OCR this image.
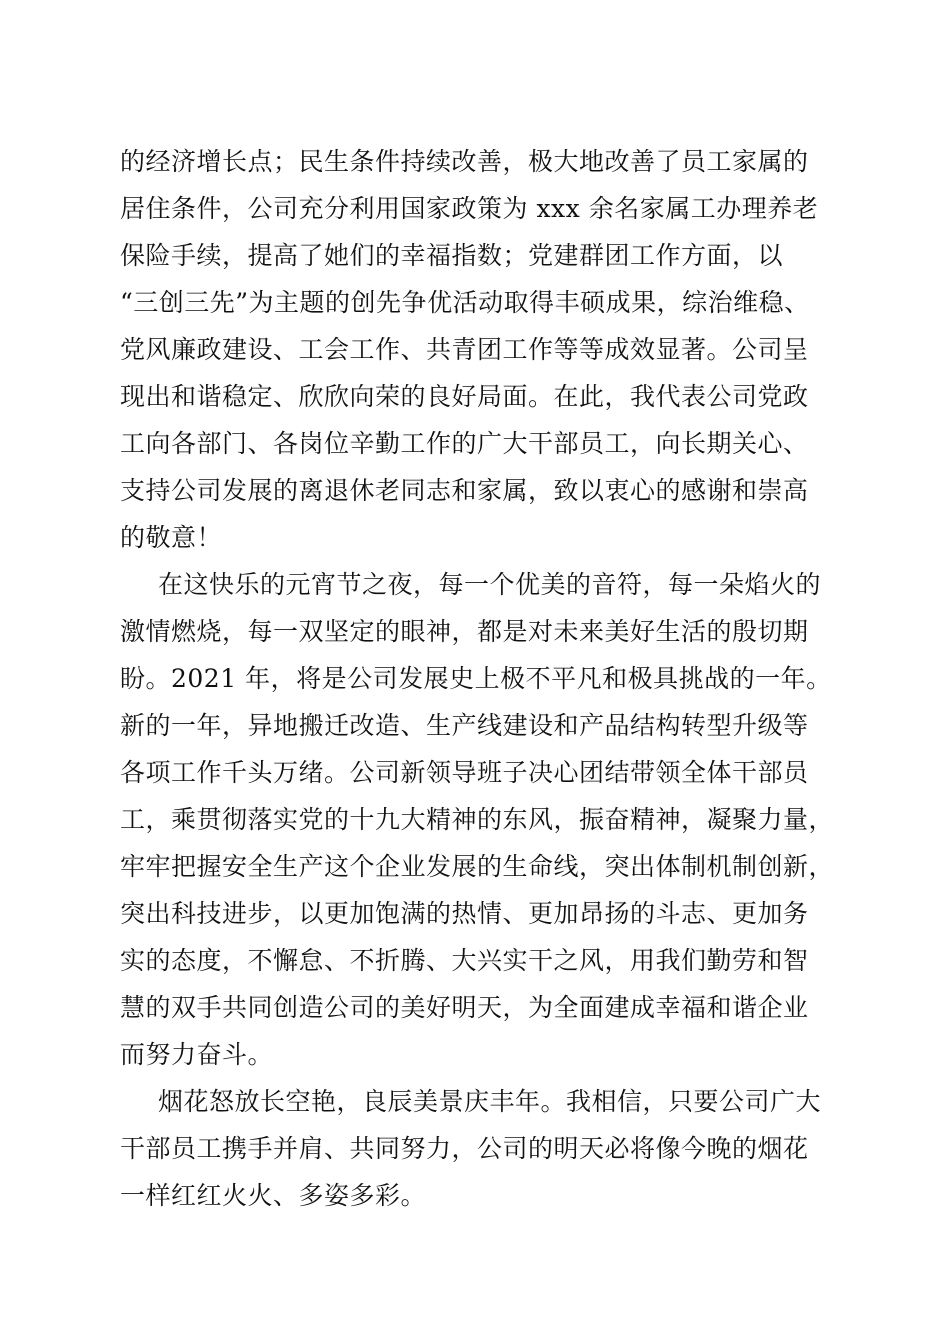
的经济增长点；民生条件持续改善，极大地改善了员工家属的
居住条件，公司充分利用国家政策为 xxx 余名家属工办理养老
保险手续，提高了她们的幸福指数；党建群团工作方面，以
“三创三先”为主题的创先争优活动取得丰硕成果，综治维稳、
党风廉政建设、工会工作、共青团工作等等成效显著。公司呈
现出和谐稳定、欣欣向荣的良好局面。在此，我代表公司党政
工向各部门、各岗位辛勤工作的广大干部员工，向长期关心、
支持公司发展的离退休老同志和家属，致以衷心的感谢和崇高
的敬意！
在这快乐的元宵节之夜，每一个优美的音符，每一朵焰火的
激情燃烧，每一双坚定的眼神，都是对未来美好生活的殷切期
盼。2021 年，将是公司发展史上极不平凡和极具挑战的一年。
新的一年，异地搬迁改造、生产线建设和产品结构转型升级等
各项工作千头万绪。公司新领导班子决心团结带领全体干部员
工，乘贯彻落实党的十九大精神的东风，振奋精神，凝聚力量，
牢牢把握安全生产这个企业发展的生命线，突出体制机制创新，
突出科技进步，以更加饱满的热情、更加昂扬的斗志、更加务
实的态度，不懈怠、不折腾、大兴实干之风，用我们勤劳和智
慧的双手共同创造公司的美好明天，为全面建成幸福和谐企业
而努力奋斗。
烟花怒放长空艳，良辰美景庆丰年。我相信，只要公司广大
干部员工携手并肩、共同努力，公司的明天必将像今晚的烟花
一样红红火火、多姿多彩。
